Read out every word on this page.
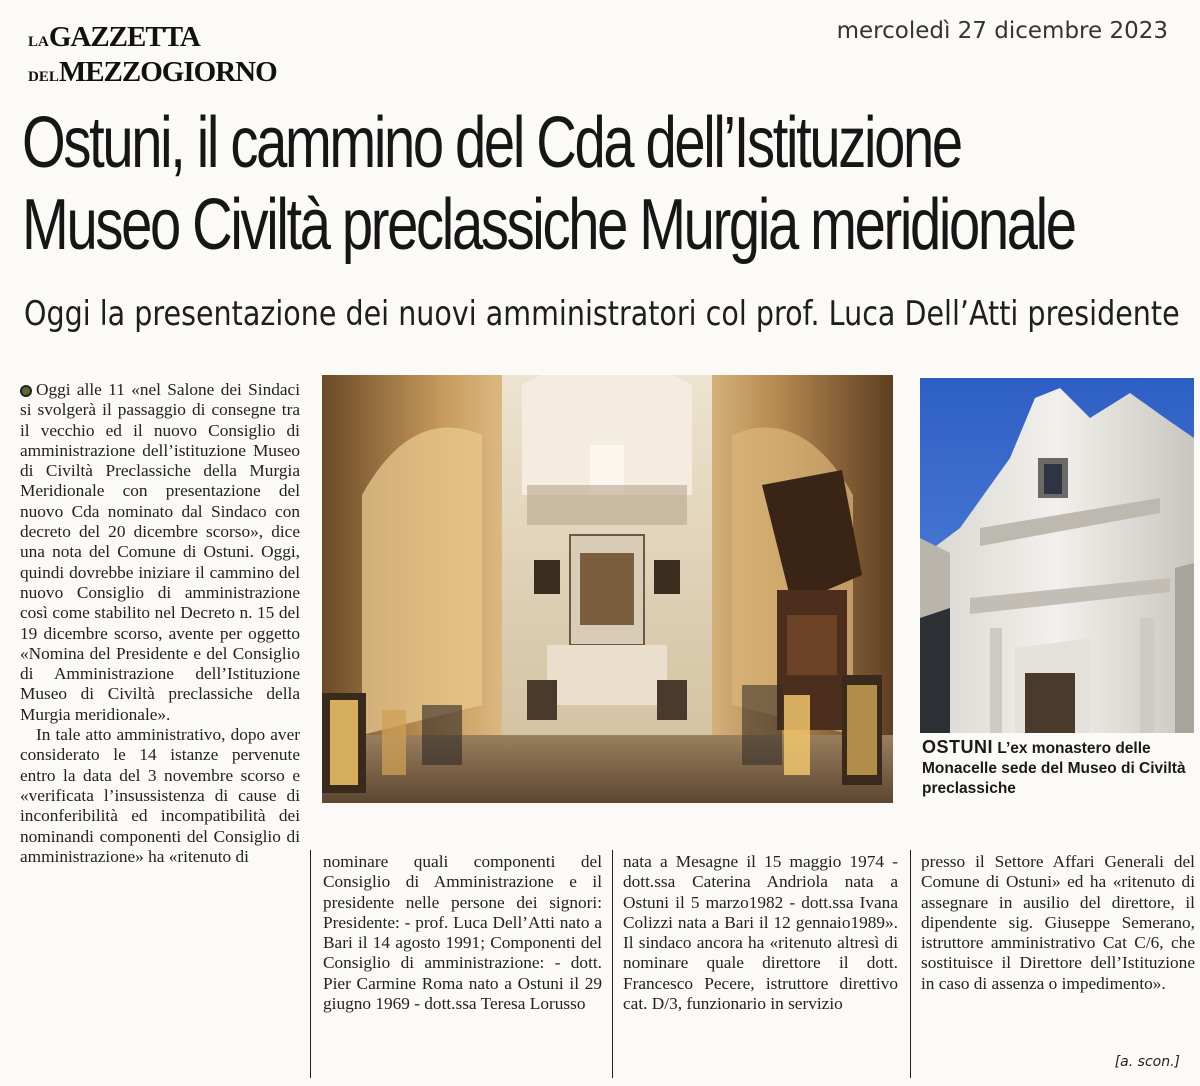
LAGAZZETTA
DELMEZZOGIORNO
mercoledì 27 dicembre 2023
Ostuni, il cammino del Cda dell’Istituzione
Museo Civiltà preclassiche Murgia meridionale
Oggi la presentazione dei nuovi amministratori col prof. Luca Dell’Atti presidente

Oggi alle 11 «nel Salone dei Sindaci si svolgerà il passaggio di consegne tra il vecchio ed il nuovo Consiglio di amministrazione dell’istituzione Museo di Civiltà Preclassiche della Murgia Meridionale con presentazione del nuovo Cda nominato dal Sindaco con decreto del 20 dicembre scorso», dice una nota del Comune di Ostuni. Oggi, quindi dovrebbe iniziare il cammino del nuovo Consiglio di amministrazione così come stabilito nel Decreto n. 15 del 19 dicembre scorso, avente per oggetto «Nomina del Presidente e del Consiglio di Amministrazione dell’Istituzione Museo di Civiltà preclassiche della Murgia meridionale».

In tale atto amministrativo, dopo aver considerato le 14 istanze pervenute entro la data del 3 novembre scorso e «verificata l’insussistenza di cause di inconferibilità ed incompatibilità dei nominandi componenti del Consiglio di amministrazione» ha «ritenuto di

OSTUNI L’ex monastero delle Monacelle sede del Museo di Civiltà preclassiche
nominare quali componenti del Consiglio di Amministrazione e il presidente nelle persone dei signori: Presidente: - prof. Luca Dell’Atti nato a Bari il 14 agosto 1991; Componenti del Consiglio di amministrazione: - dott. Pier Carmine Roma nato a Ostuni il 29 giugno 1969 - dott.ssa Teresa Lorusso
nata a Mesagne il 15 maggio 1974 - dott.ssa Caterina Andriola nata a Ostuni il 5 marzo1982 - dott.ssa Ivana Colizzi nata a Bari il 12 gennaio1989». Il sindaco ancora ha «ritenuto altresì di nominare quale direttore il dott. Francesco Pecere, istruttore direttivo cat. D/3, funzionario in servizio
presso il Settore Affari Generali del Comune di Ostuni» ed ha «ritenuto di assegnare in ausilio del direttore, il dipendente sig. Giuseppe Semerano, istruttore amministrativo Cat C/6, che sostituisce il Direttore dell’Istituzione in caso di assenza o impedimento».
[a. scon.]
